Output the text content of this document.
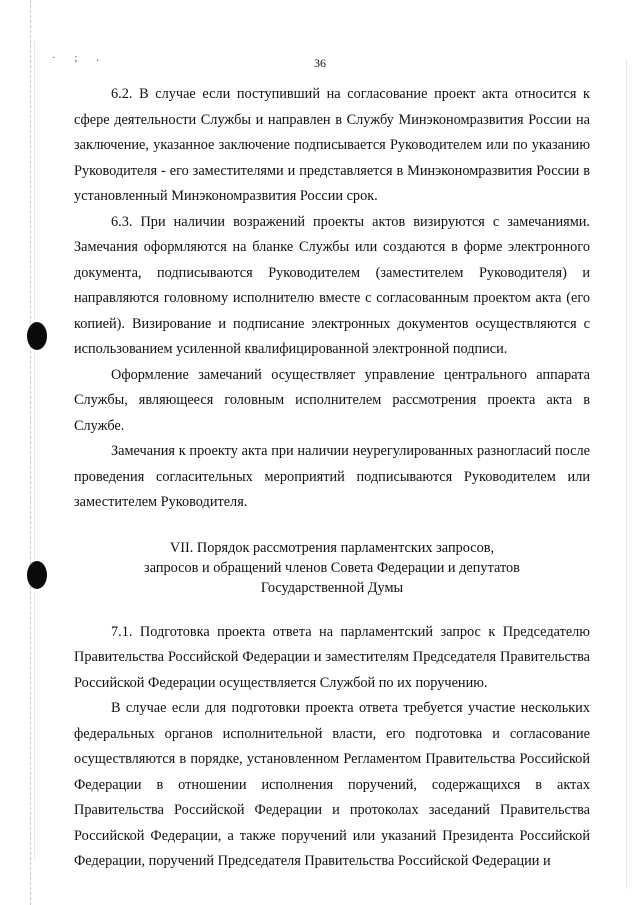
· ; .	36

6.2. В случае если поступивший на согласование проект акта относится к сфере деятельности Службы и направлен в Службу Минэкономразвития России на заключение, указанное заключение подписывается Руководителем или по указанию Руководителя - его заместителями и представляется в Минэкономразвития России в установленный Минэкономразвития России срок.

6.3. При наличии возражений проекты актов визируются с замечаниями. Замечания оформляются на бланке Службы или создаются в форме электронного документа, подписываются Руководителем (заместителем Руководителя) и направляются головному исполнителю вместе с согласованным проектом акта (его копией). Визирование и подписание электронных документов осуществляются с использованием усиленной квалифицированной электронной подписи.

Оформление замечаний осуществляет управление центрального аппарата Службы, являющееся головным исполнителем рассмотрения проекта акта в Службе.

Замечания к проекту акта при наличии неурегулированных разногласий после проведения согласительных мероприятий подписываются Руководителем или заместителем Руководителя.

VII. Порядок рассмотрения парламентских запросов,
запросов и обращений членов Совета Федерации и депутатов
Государственной Думы

7.1. Подготовка проекта ответа на парламентский запрос к Председателю Правительства Российской Федерации и заместителям Председателя Правительства Российской Федерации осуществляется Службой по их поручению.

В случае если для подготовки проекта ответа требуется участие нескольких федеральных органов исполнительной власти, его подготовка и согласование осуществляются в порядке, установленном Регламентом Правительства Российской Федерации в отношении исполнения поручений, содержащихся в актах Правительства Российской Федерации и протоколах заседаний Правительства Российской Федерации, а также поручений или указаний Президента Российской Федерации, поручений Председателя Правительства Российской Федерации и
